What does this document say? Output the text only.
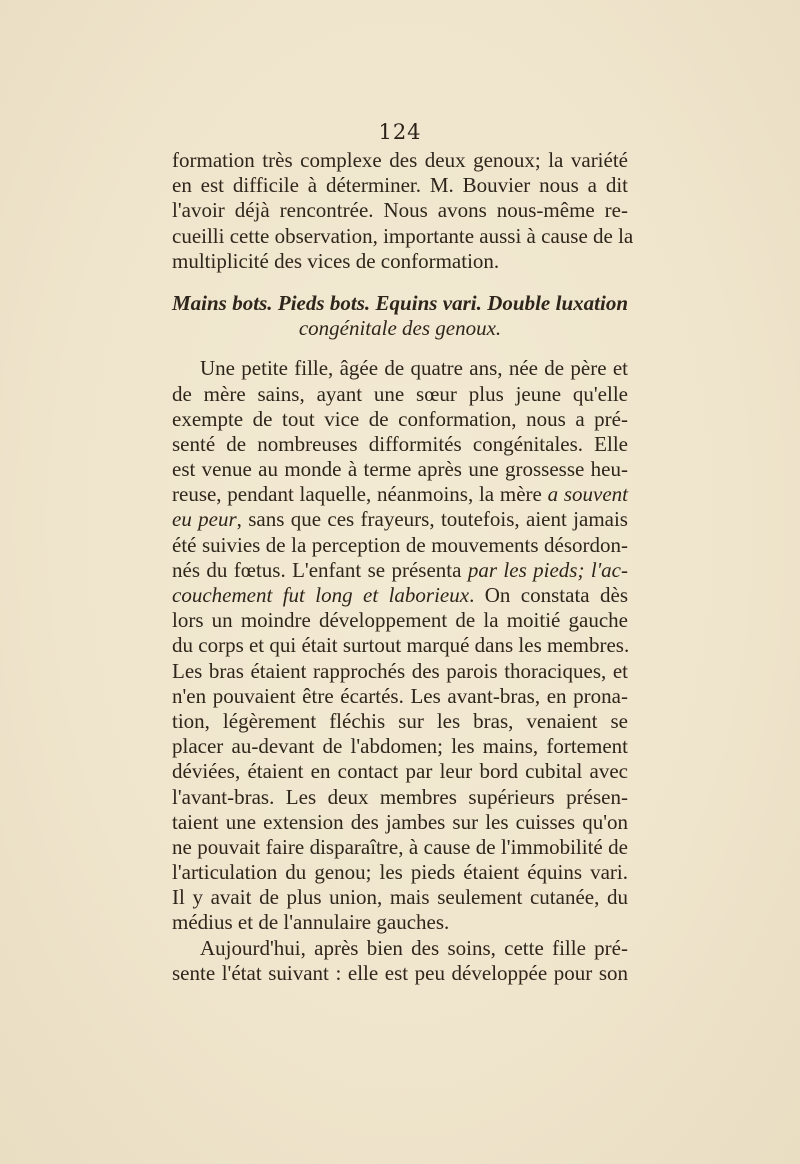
124
formation très complexe des deux genoux; la variété
en est difficile à déterminer. M. Bouvier nous a dit
l'avoir déjà rencontrée. Nous avons nous-même re-
cueilli cette observation, importante aussi à cause de la
multiplicité des vices de conformation.
Mains bots. Pieds bots. Equins vari. Double luxation
congénitale des genoux.
Une petite fille, âgée de quatre ans, née de père et
de mère sains, ayant une sœur plus jeune qu'elle
exempte de tout vice de conformation, nous a pré-
senté de nombreuses difformités congénitales. Elle
est venue au monde à terme après une grossesse heu-
reuse, pendant laquelle, néanmoins, la mère a souvent
eu peur, sans que ces frayeurs, toutefois, aient jamais
été suivies de la perception de mouvements désordon-
nés du fœtus. L'enfant se présenta par les pieds; l'ac-
couchement fut long et laborieux. On constata dès
lors un moindre développement de la moitié gauche
du corps et qui était surtout marqué dans les membres.
Les bras étaient rapprochés des parois thoraciques, et
n'en pouvaient être écartés. Les avant-bras, en prona-
tion, légèrement fléchis sur les bras, venaient se
placer au-devant de l'abdomen; les mains, fortement
déviées, étaient en contact par leur bord cubital avec
l'avant-bras. Les deux membres supérieurs présen-
taient une extension des jambes sur les cuisses qu'on
ne pouvait faire disparaître, à cause de l'immobilité de
l'articulation du genou; les pieds étaient équins vari.
Il y avait de plus union, mais seulement cutanée, du
médius et de l'annulaire gauches.
Aujourd'hui, après bien des soins, cette fille pré-
sente l'état suivant : elle est peu développée pour son
